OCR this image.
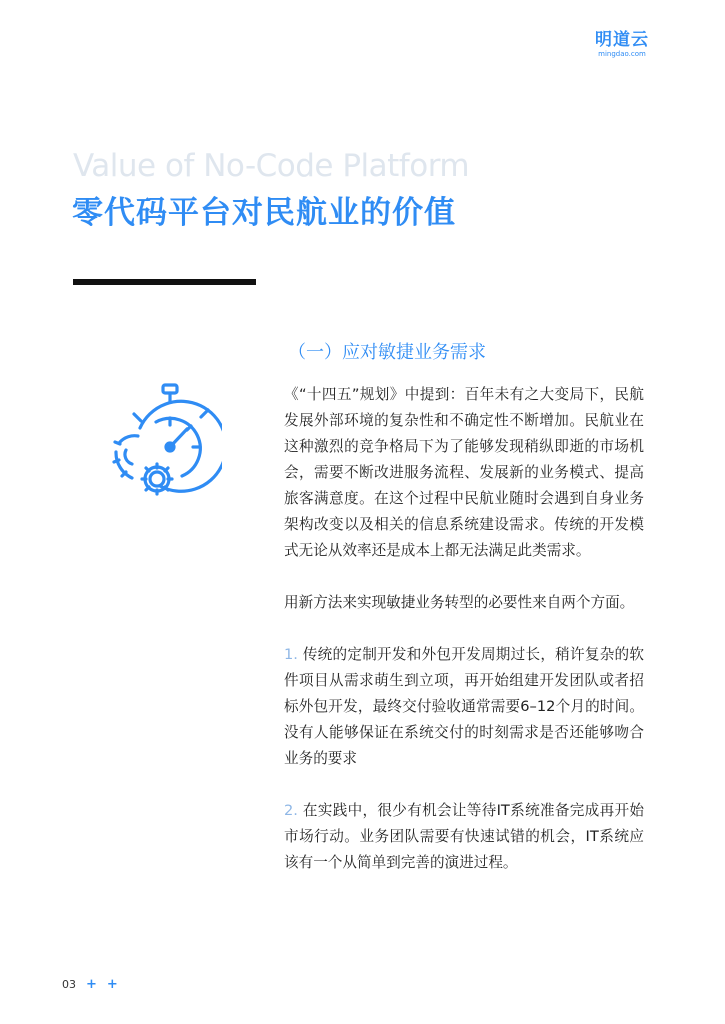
明道云
mingdao.com
Value of No-Code Platform
零代码平台对民航业的价值
（一）应对敏捷业务需求

《“十四五”规划》中提到：百年未有之大变局下，民航发展外部环境的复杂性和不确定性不断增加。民航业在这种激烈的竞争格局下为了能够发现稍纵即逝的市场机会，需要不断改进服务流程、发展新的业务模式、提高旅客满意度。在这个过程中民航业随时会遇到自身业务架构改变以及相关的信息系统建设需求。传统的开发模式无论从效率还是成本上都无法满足此类需求。

用新方法来实现敏捷业务转型的必要性来自两个方面。

1. 传统的定制开发和外包开发周期过长，稍许复杂的软件项目从需求萌生到立项，再开始组建开发团队或者招标外包开发，最终交付验收通常需要6–12个月的时间。没有人能够保证在系统交付的时刻需求是否还能够吻合业务的要求

2. 在实践中，很少有机会让等待IT系统准备完成再开始市场行动。业务团队需要有快速试错的机会，IT系统应该有一个从简单到完善的演进过程。

03 + +
